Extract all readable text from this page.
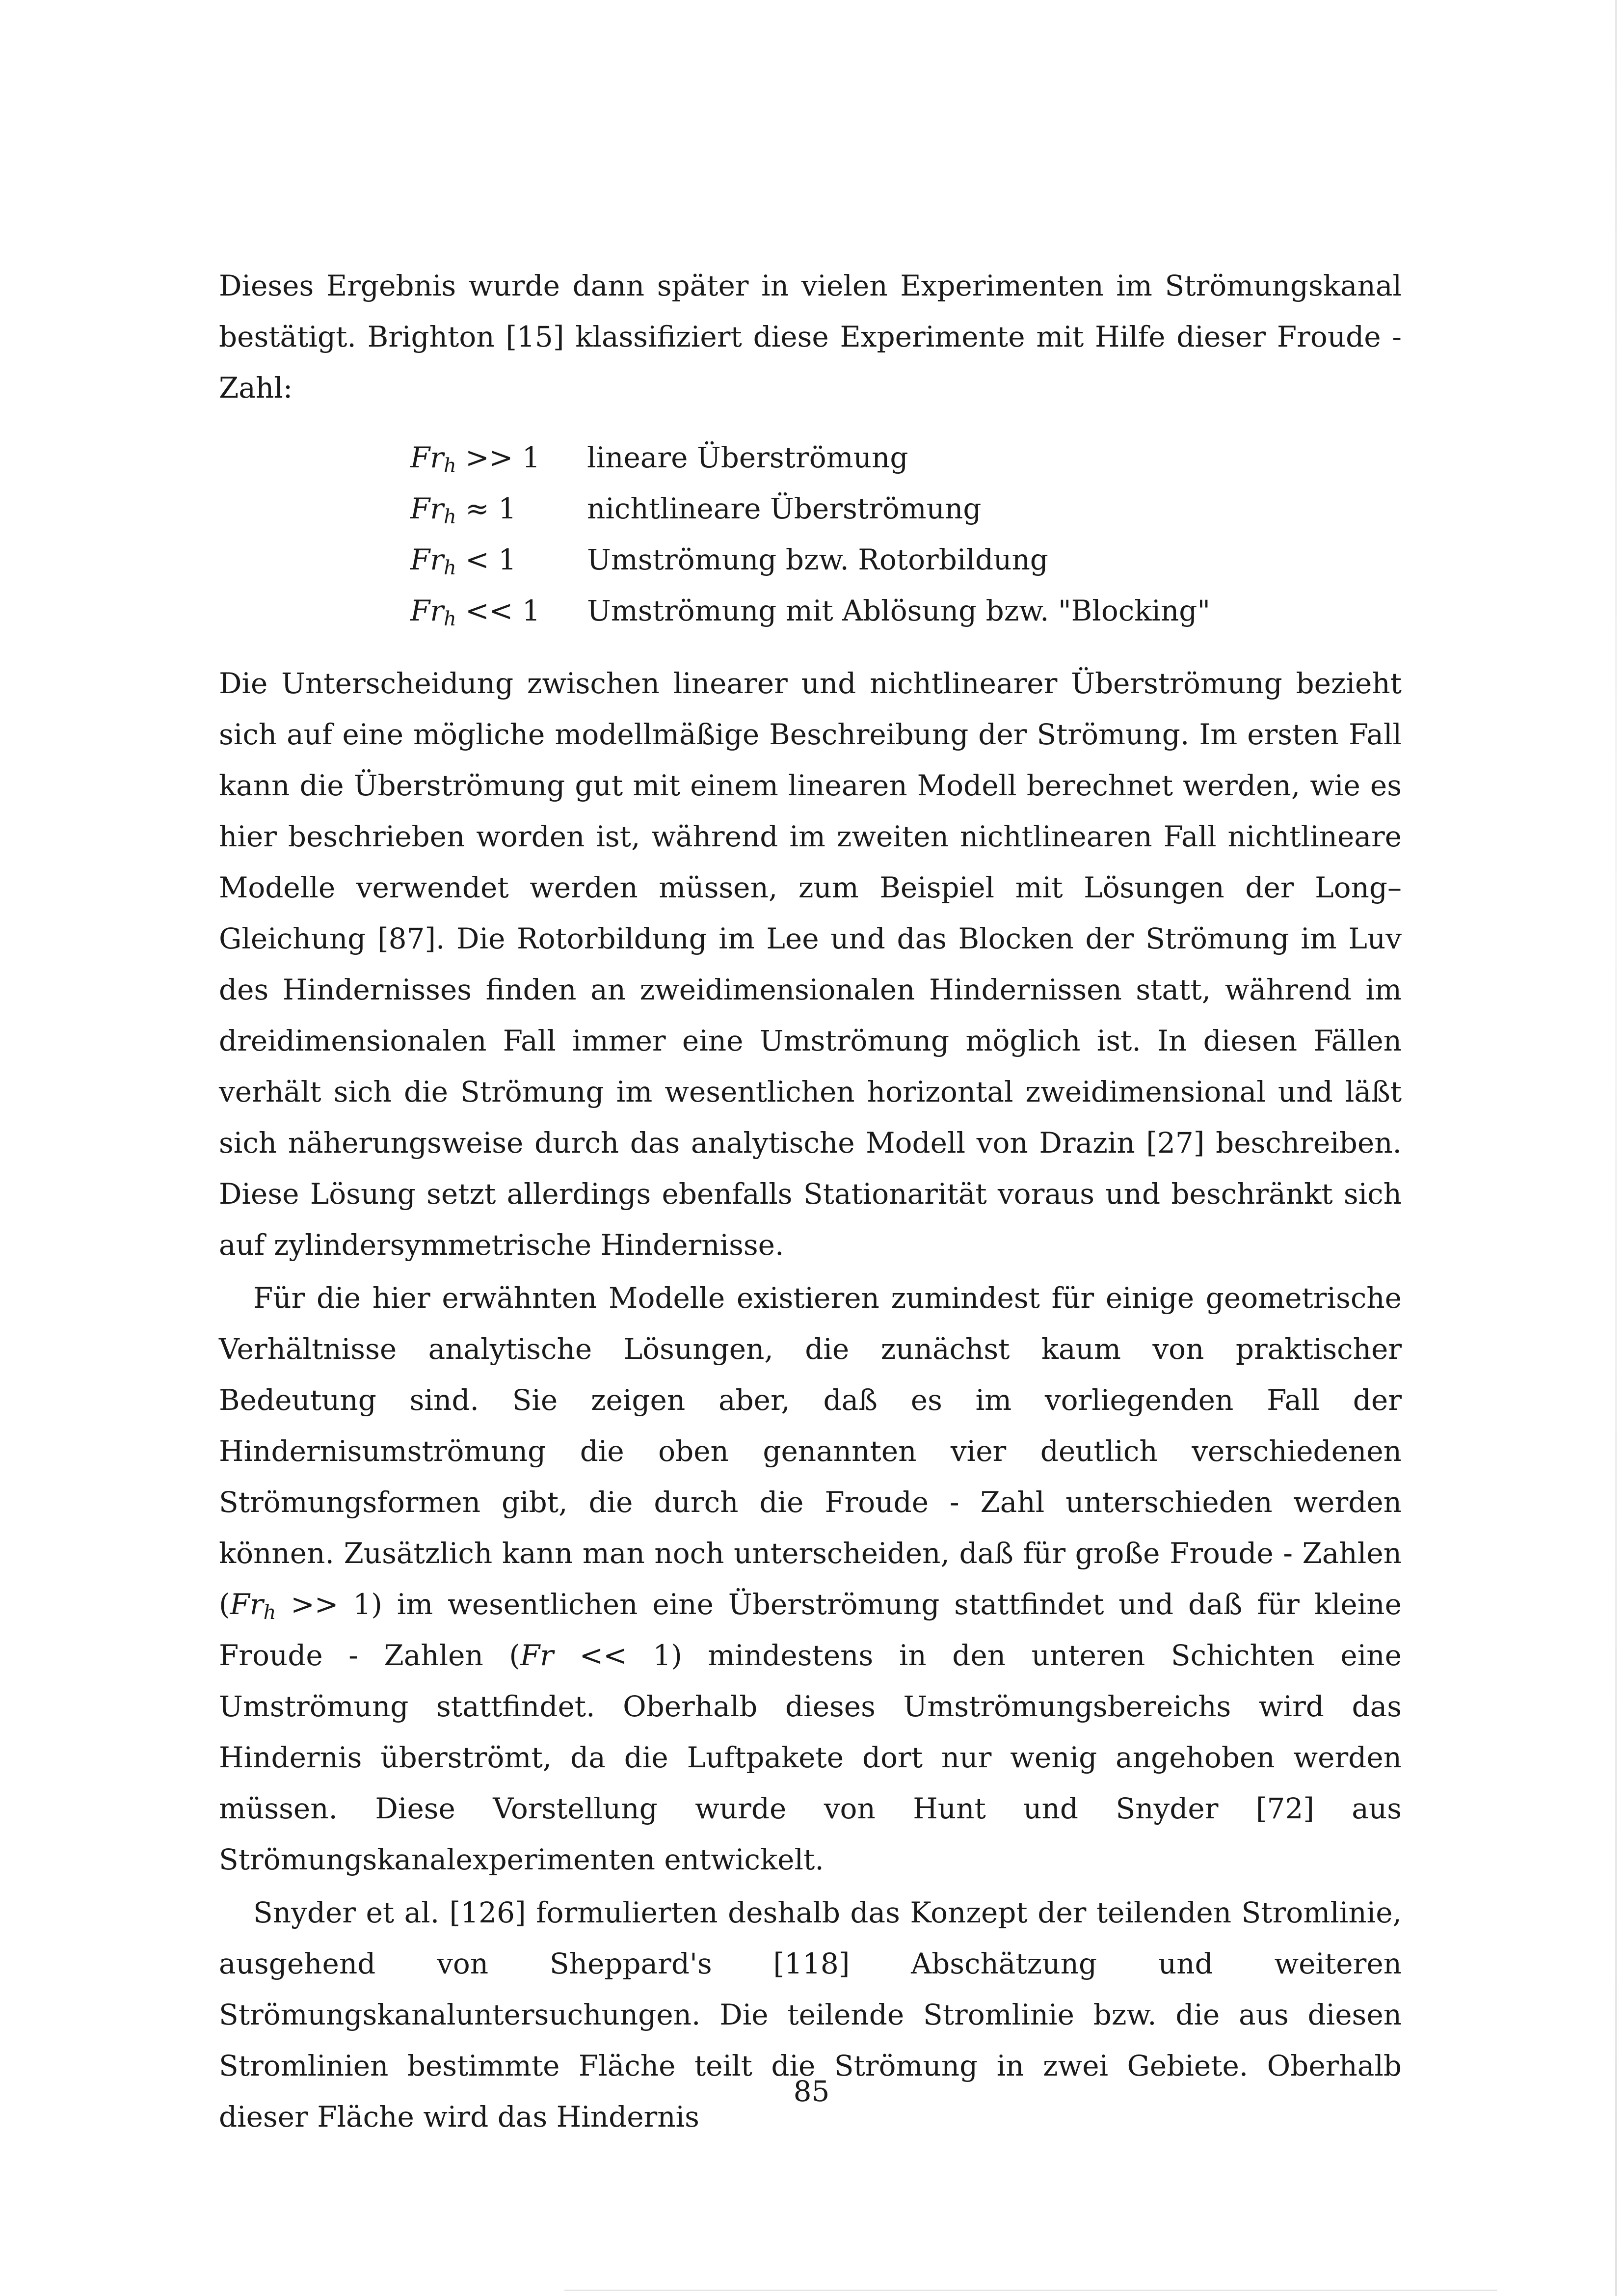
Dieses Ergebnis wurde dann später in vielen Experimenten im Strömungskanal bestätigt. Brighton [15] klassifiziert diese Experimente mit Hilfe dieser Froude - Zahl:

$Fr_h >> 1$	lineare Überströmung
$Fr_h \approx 1$	nichtlineare Überströmung
$Fr_h < 1$	Umströmung bzw. Rotorbildung
$Fr_h << 1$	Umströmung mit Ablösung bzw. "Blocking"

Die Unterscheidung zwischen linearer und nichtlinearer Überströmung bezieht sich auf eine mögliche modellmäßige Beschreibung der Strömung. Im ersten Fall kann die Überströmung gut mit einem linearen Modell berechnet werden, wie es hier beschrieben worden ist, während im zweiten nichtlinearen Fall nichtlineare Modelle verwendet werden müssen, zum Beispiel mit Lösungen der Long– Gleichung [87]. Die Rotorbildung im Lee und das Blocken der Strömung im Luv des Hindernisses finden an zweidimensionalen Hindernissen statt, während im dreidimensionalen Fall immer eine Umströmung möglich ist. In diesen Fällen verhält sich die Strömung im wesentlichen horizontal zweidimensional und läßt sich näherungsweise durch das analytische Modell von Drazin [27] beschreiben. Diese Lösung setzt allerdings ebenfalls Stationarität voraus und beschränkt sich auf zylindersymmetrische Hindernisse.

Für die hier erwähnten Modelle existieren zumindest für einige geometrische Verhältnisse analytische Lösungen, die zunächst kaum von praktischer Bedeutung sind. Sie zeigen aber, daß es im vorliegenden Fall der Hindernisumströmung die oben genannten vier deutlich verschiedenen Strömungsformen gibt, die durch die Froude - Zahl unterschieden werden können. Zusätzlich kann man noch unterscheiden, daß für große Froude - Zahlen $(Fr_h >> 1)$ im wesentlichen eine Überströmung stattfindet und daß für kleine Froude - Zahlen (Fr << 1) mindestens in den unteren Schichten eine Umströmung stattfindet. Oberhalb dieses Umströmungsbereichs wird das Hindernis überströmt, da die Luftpakete dort nur wenig angehoben werden müssen. Diese Vorstellung wurde von Hunt und Snyder [72] aus Strömungskanalexperimenten entwickelt.

Snyder et al. [126] formulierten deshalb das Konzept der teilenden Stromlinie, ausgehend von Sheppard's [118] Abschätzung und weiteren Strömungskanaluntersuchungen. Die teilende Stromlinie bzw. die aus diesen Stromlinien bestimmte Fläche teilt die Strömung in zwei Gebiete. Oberhalb dieser Fläche wird das Hindernis

85
